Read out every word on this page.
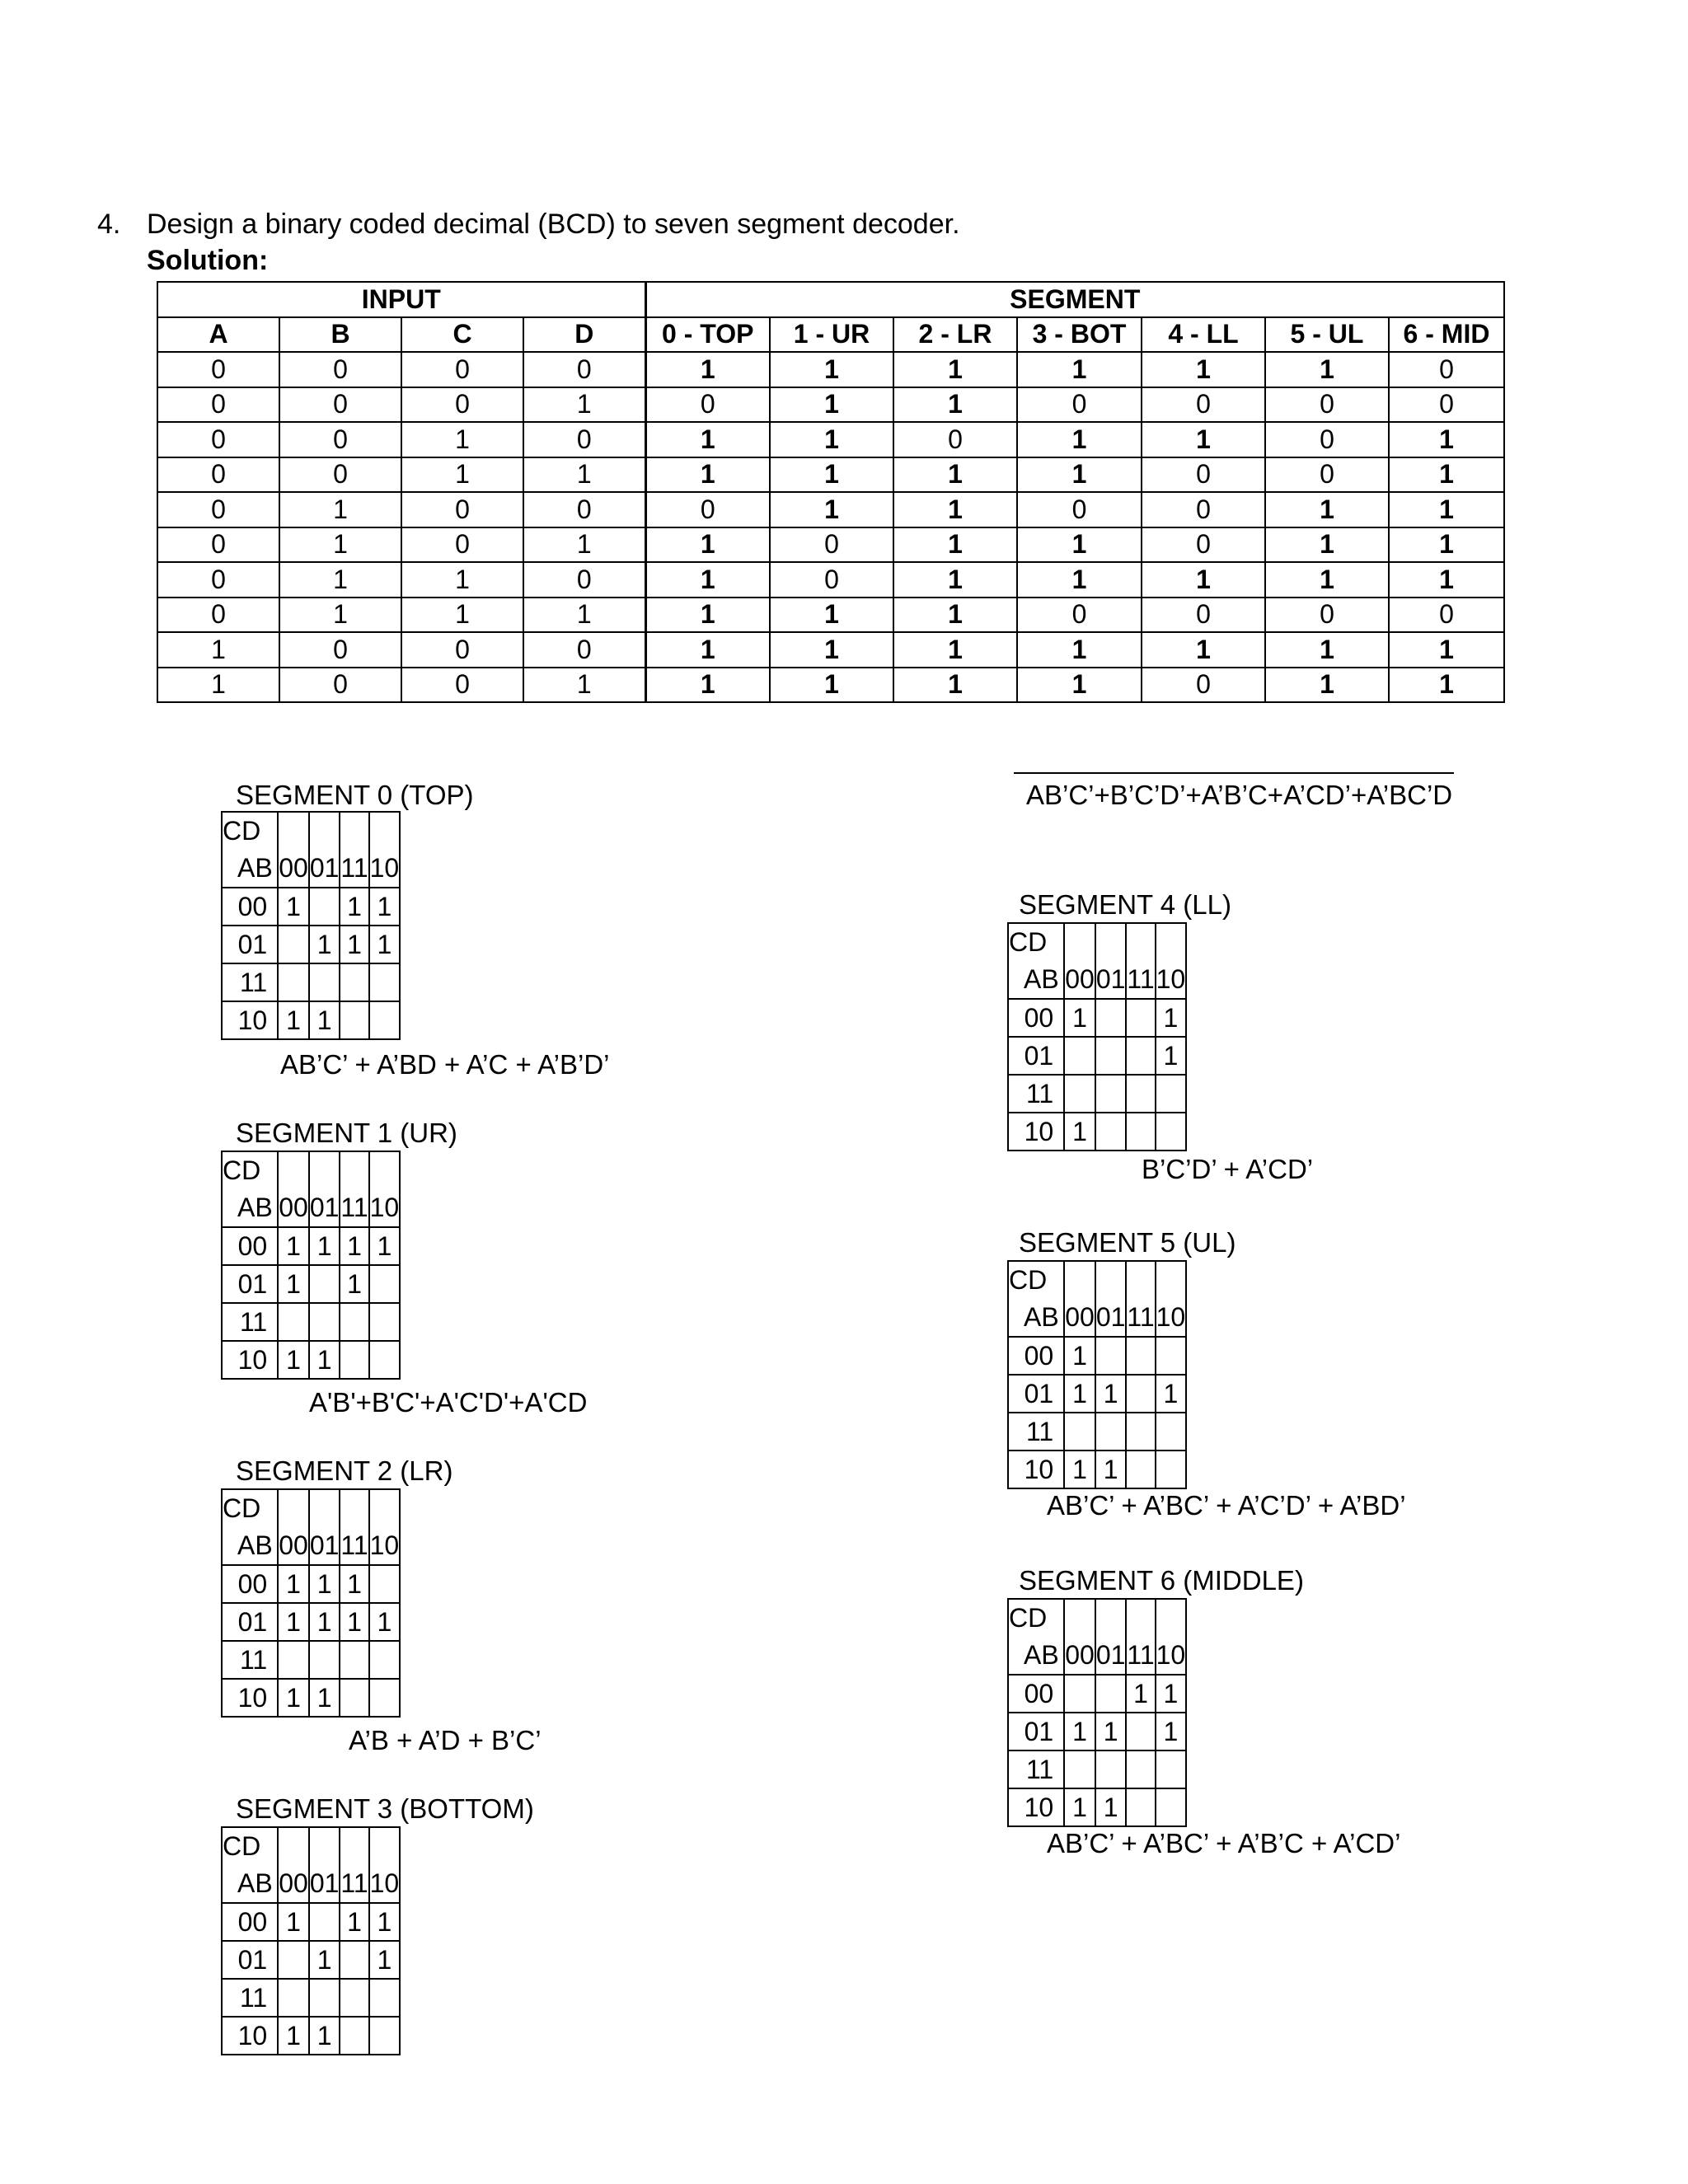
4. Design a binary coded decimal (BCD) to seven segment decoder.
Solution:
INPUT				SEGMENT						
A	B	C	D	0 - TOP	1 - UR	2 - LR	3 - BOT	4 - LL	5 - UL	6 - MID
0	0	0	0	1	1	1	1	1	1	0
0	0	0	1	0	1	1	0	0	0	0
0	0	1	0	1	1	0	1	1	0	1
0	0	1	1	1	1	1	1	0	0	1
0	1	0	0	0	1	1	0	0	1	1
0	1	0	1	1	0	1	1	0	1	1
0	1	1	0	1	0	1	1	1	1	1
0	1	1	1	1	1	1	0	0	0	0
1	0	0	0	1	1	1	1	1	1	1
1	0	0	1	1	1	1	1	0	1	1
AB’C’+B’C’D’+A’B’C+A’CD’+A’BC’D
SEGMENT 0 (TOP)
CD				
AB	00	01	11	10
00	1		1	1
01		1	1	1
11				
10	1	1		
AB’C’ + A’BD + A’C + A’B’D’
SEGMENT 1 (UR)
CD				
AB	00	01	11	10
00	1	1	1	1
01	1		1	
11				
10	1	1		
A'B'+B'C'+A'C'D'+A'CD
SEGMENT 2 (LR)
CD				
AB	00	01	11	10
00	1	1	1	
01	1	1	1	1
11				
10	1	1		
A’B + A’D + B’C’
SEGMENT 3 (BOTTOM)
CD				
AB	00	01	11	10
00	1		1	1
01		1		1
11				
10	1	1		
SEGMENT 4 (LL)
CD				
AB	00	01	11	10
00	1			1
01				1
11				
10	1			
B’C’D’ + A’CD’
SEGMENT 5 (UL)
CD				
AB	00	01	11	10
00	1			
01	1	1		1
11				
10	1	1		
AB’C’ + A’BC’ + A’C’D’ + A’BD’
SEGMENT 6 (MIDDLE)
CD				
AB	00	01	11	10
00			1	1
01	1	1		1
11				
10	1	1		
AB’C’ + A’BC’ + A’B’C + A’CD’
